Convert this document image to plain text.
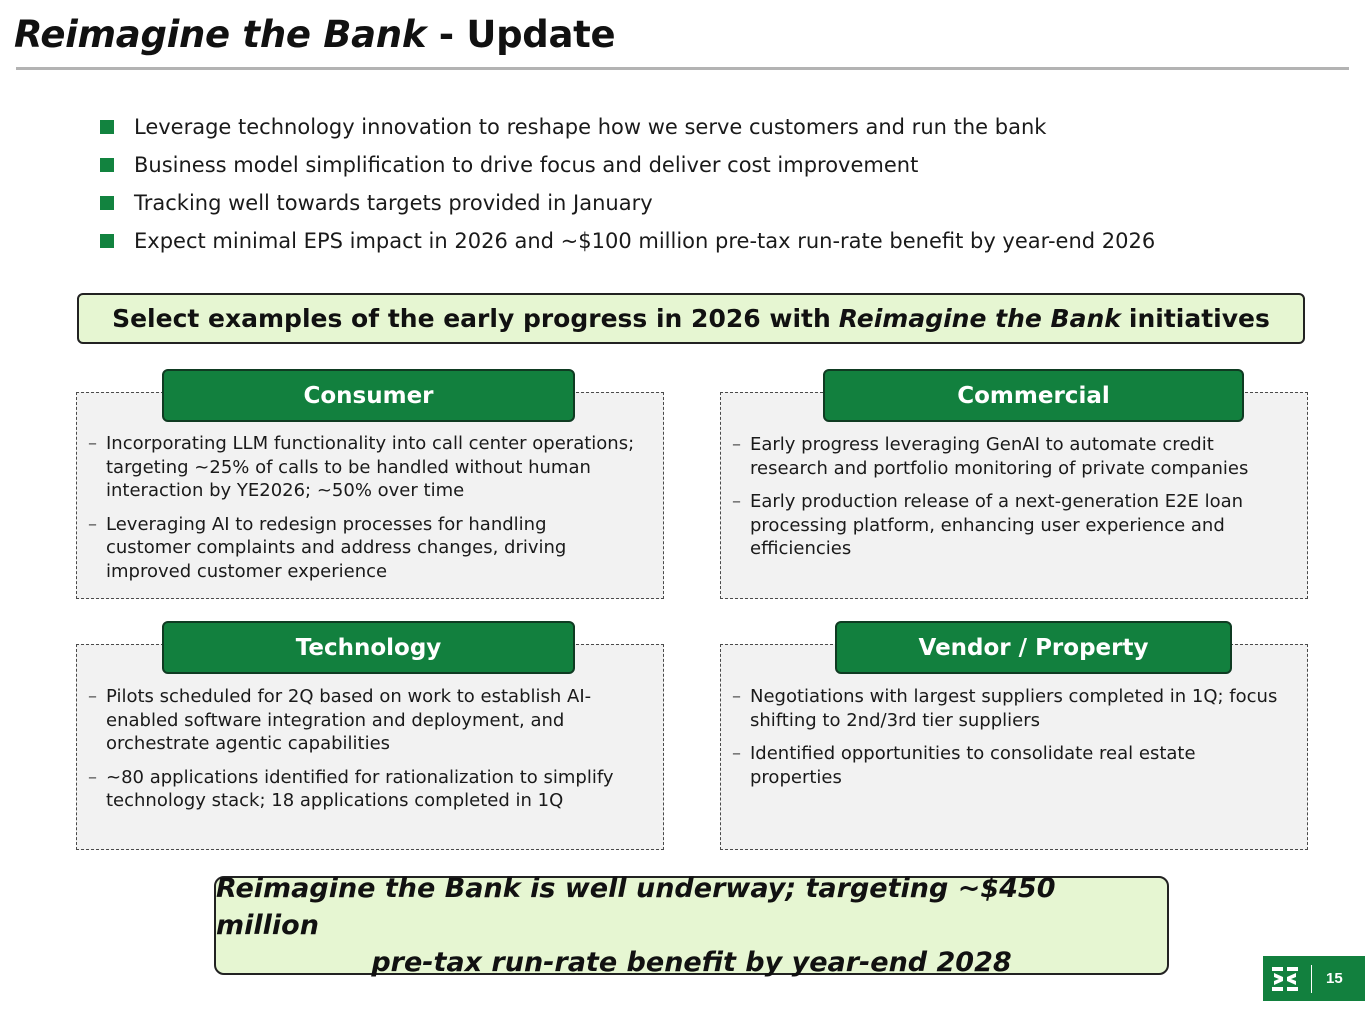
Reimagine the Bank - Update
Leverage technology innovation to reshape how we serve customers and run the bank
Business model simplification to drive focus and deliver cost improvement
Tracking well towards targets provided in January
Expect minimal EPS impact in 2026 and ~$100 million pre-tax run-rate benefit by year-end 2026
Select examples of the early progress in 2026 with Reimagine the Bank initiatives
Consumer
– Incorporating LLM functionality into call center operations; targeting ~25% of calls to be handled without human interaction by YE2026; ~50% over time
– Leveraging AI to redesign processes for handling customer complaints and address changes, driving improved customer experience
Commercial
– Early progress leveraging GenAI to automate credit research and portfolio monitoring of private companies
– Early production release of a next-generation E2E loan processing platform, enhancing user experience and efficiencies
Technology
– Pilots scheduled for 2Q based on work to establish AI-enabled software integration and deployment, and orchestrate agentic capabilities
– ~80 applications identified for rationalization to simplify technology stack; 18 applications completed in 1Q
Vendor / Property
– Negotiations with largest suppliers completed in 1Q; focus shifting to 2nd/3rd tier suppliers
– Identified opportunities to consolidate real estate properties
Reimagine the Bank is well underway; targeting ~$450 million
pre-tax run-rate benefit by year-end 2028
15
